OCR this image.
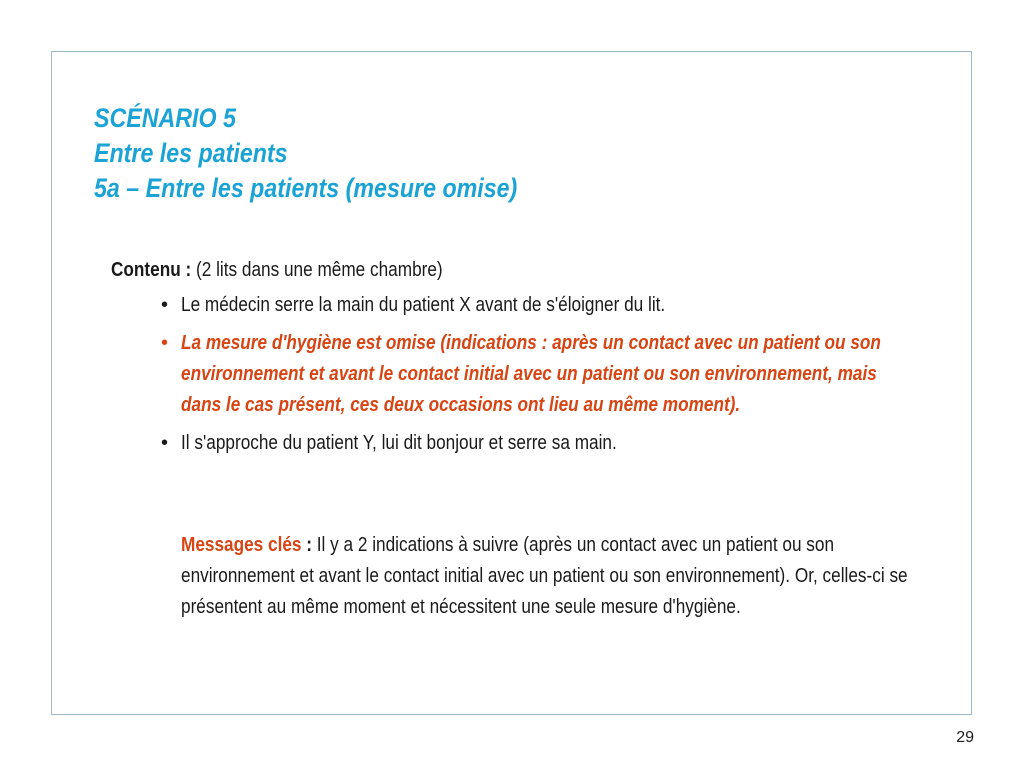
SCÉNARIO 5
Entre les patients
5a – Entre les patients (mesure omise)
Contenu : (2 lits dans une même chambre)
• Le médecin serre la main du patient X avant de s'éloigner du lit.
• La mesure d'hygiène est omise (indications : après un contact avec un patient ou son environnement et avant le contact initial avec un patient ou son environnement, mais dans le cas présent, ces deux occasions ont lieu au même moment).
• Il s'approche du patient Y, lui dit bonjour et serre sa main.
Messages clés : Il y a 2 indications à suivre (après un contact avec un patient ou son environnement et avant le contact initial avec un patient ou son environnement). Or, celles-ci se présentent au même moment et nécessitent une seule mesure d'hygiène.
29
